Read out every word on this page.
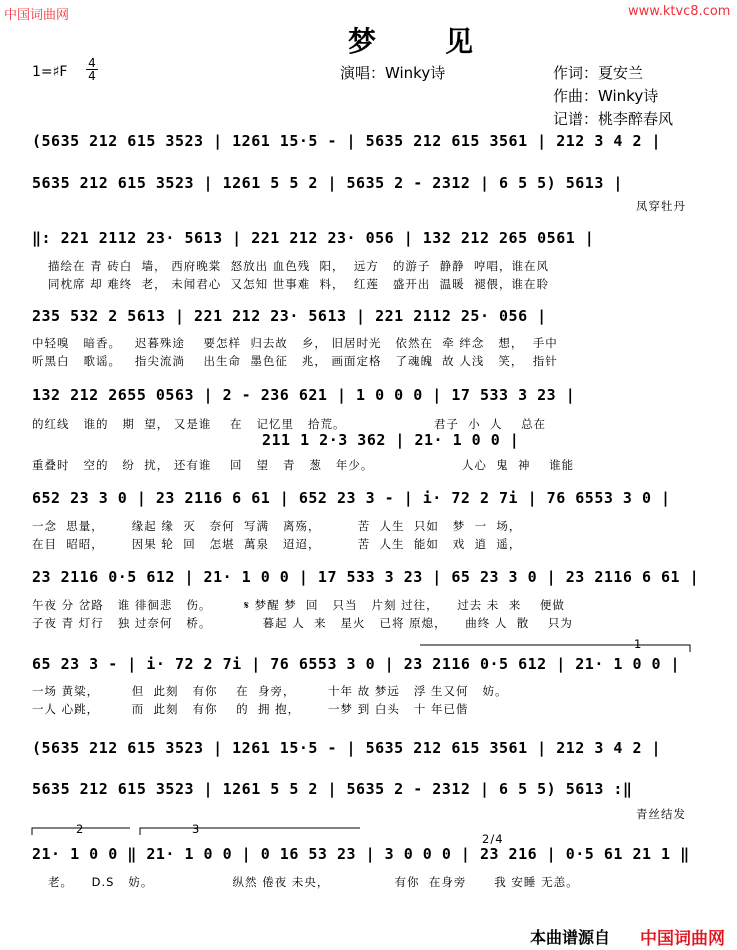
中国词曲网	www.ktvc8.com
梦    见
1=♯F $\frac{4}{4}$	演唱：Winky诗	作词：夏安兰
作曲：Winky诗
记谱：桃李醉春风
(5635 212 615 3523 | 1261 15·5 - | 5635 212 615 3561 | 212 3 4 2 |
5635 212 615 3523 | 1261 5 5 2 | 5635 2 - 2312 | 6 5 5) 5613 |
凤穿牡丹
‖: 221 2112 23· 5613 | 221 212 23· 056 | 132 212 265 0561 |
描绘在 青 砖白  墙， 西府晚棠  怒放出 血色残  阳，  远方   的游子  静静  哼唱，谁在风
同枕席 却 难终  老， 未闻君心  又怎知 世事难  料，  红莲   盛开出  温暖  褪偎，谁在聆
235 532 2 5613 | 221 212 23· 5613 | 221 2112 25· 056 |
中轻嗅   暗香。   迟暮殊途    要怎样  归去故   乡， 旧居时光   依然在  牵 绊念   想，  手中
听黑白   歌谣。   指尖流淌    出生命  墨色征   兆， 画面定格   了魂魄  故 人浅   笑，  指针
132 212 2655 0563 | 2 - 236 621 | 1 0 0 0 | 17 533 3 23 |
的红线   谁的   期  望， 又是谁    在   记忆里   拾荒。                   君子  小  人    总在
211 1 2·3 362 | 21· 1 0 0 |
重叠时   空的   纷  扰， 还有谁    回   望   青   葱   年少。                   人心  鬼  神    谁能
652 23 3 0 | 23 2116 6 61 | 652 23 3 - | i· 72 2 7i | 76 6553 3 0 |
一念  思量，      缘起 缘  灭   奈何  写满   离殇，        苦  人生  只如   梦  一  场，
在目  昭昭，      因果 轮  回   怎堪  萬泉   迢迢，        苦  人生  能如   戏  逍  遥，
23 2116 0·5 612 | 21· 1 0 0 | 17 533 3 23 | 65 23 3 0 | 23 2116 6 61 |
午夜 分 岔路   谁 徘徊悲   伤。       𝄋 梦醒 梦  回   只当   片刻 过往，    过去 未  来    便做
子夜 青 灯行   独 过奈何   桥。           暮起 人  来   星火   已将 原熄，    曲终 人  散    只为
65 23 3 - | i· 72 2 7i | 76 6553 3 0 | 23 2116 0·5 612 | 21· 1 0 0 |
一场 黄粱，       但  此刻   有你    在  身旁，       十年 故 梦远   浮 生又何   妨。
一人 心跳，       而  此刻   有你    的  拥 抱，      一梦 到 白头   十 年已偕
(5635 212 615 3523 | 1261 15·5 - | 5635 212 615 3561 | 212 3 4 2 |
5635 212 615 3523 | 1261 5 5 2 | 5635 2 - 2312 | 6 5 5) 5613 :‖
青丝结发
21· 1 0 0 ‖ 21· 1 0 0 | 0 16 53 23 | 3 0 0 0 | 23 216 | 0·5 61 21 1 ‖
老。    D.S   妨。                 纵然 倦夜 未央，              有你  在身旁      我 安睡 无恙。
1
2	3
2/4
本曲谱源自 中国词曲网
